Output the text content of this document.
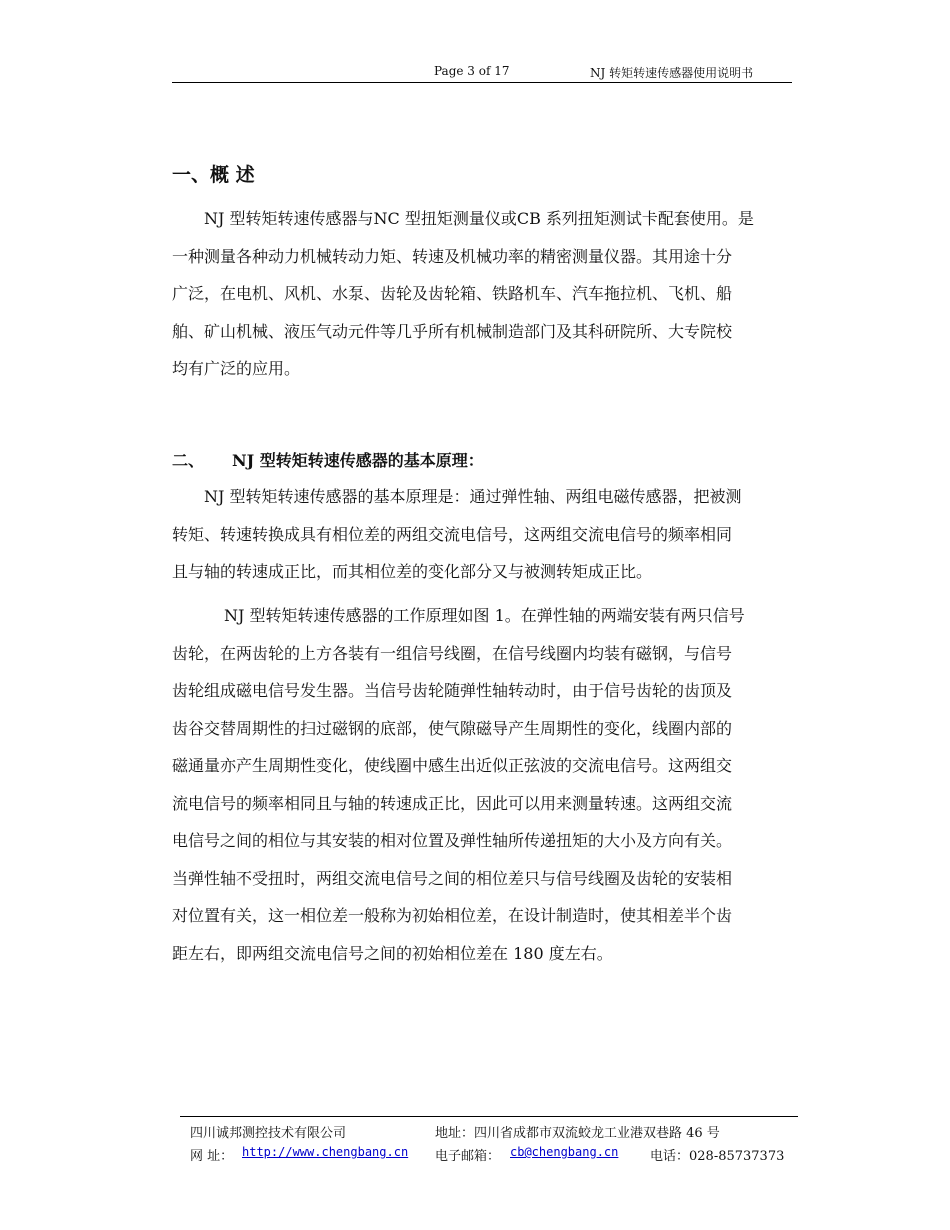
Page 3 of 17	NJ 转矩转速传感器使用说明书
一、概 述
NJ 型转矩转速传感器与NC 型扭矩测量仪或CB 系列扭矩测试卡配套使用。是
一种测量各种动力机械转动力矩、转速及机械功率的精密测量仪器。其用途十分
广泛，在电机、风机、水泵、齿轮及齿轮箱、铁路机车、汽车拖拉机、飞机、船
舶、矿山机械、液压气动元件等几乎所有机械制造部门及其科研院所、大专院校
均有广泛的应用。
二、 NJ 型转矩转速传感器的基本原理：
NJ 型转矩转速传感器的基本原理是：通过弹性轴、两组电磁传感器，把被测
转矩、转速转换成具有相位差的两组交流电信号，这两组交流电信号的频率相同
且与轴的转速成正比，而其相位差的变化部分又与被测转矩成正比。
NJ 型转矩转速传感器的工作原理如图 1。在弹性轴的两端安装有两只信号
齿轮，在两齿轮的上方各装有一组信号线圈，在信号线圈内均装有磁钢，与信号
齿轮组成磁电信号发生器。当信号齿轮随弹性轴转动时，由于信号齿轮的齿顶及
齿谷交替周期性的扫过磁钢的底部，使气隙磁导产生周期性的变化，线圈内部的
磁通量亦产生周期性变化，使线圈中感生出近似正弦波的交流电信号。这两组交
流电信号的频率相同且与轴的转速成正比，因此可以用来测量转速。这两组交流
电信号之间的相位与其安装的相对位置及弹性轴所传递扭矩的大小及方向有关。
当弹性轴不受扭时，两组交流电信号之间的相位差只与信号线圈及齿轮的安装相
对位置有关，这一相位差一般称为初始相位差，在设计制造时，使其相差半个齿
距左右，即两组交流电信号之间的初始相位差在 180 度左右。
四川诚邦测控技术有限公司	地址：四川省成都市双流蛟龙工业港双巷路 46 号
网 址： http://www.chengbang.cn 电子邮箱： cb@chengbang.cn 电话：028-85737373
